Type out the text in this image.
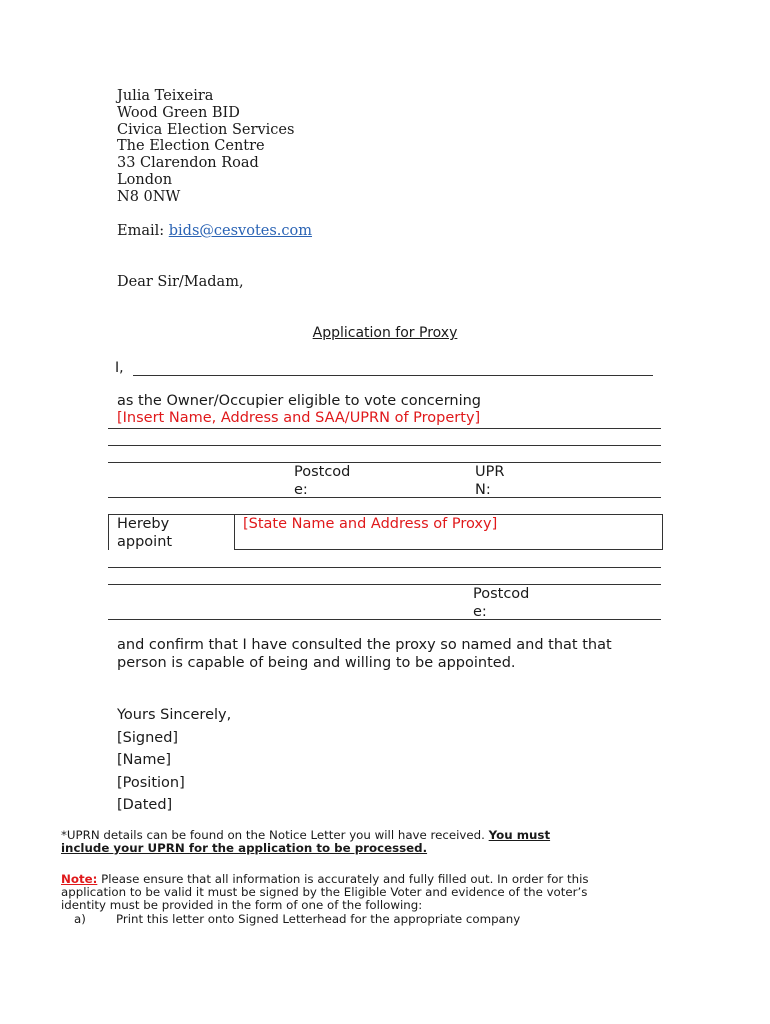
Julia Teixeira
Wood Green BID
Civica Election Services
The Election Centre
33 Clarendon Road
London
N8 0NW
Email: bids@cesvotes.com
Dear Sir/Madam,
Application for Proxy
I,
as the Owner/Occupier eligible to vote concerning
[Insert Name, Address and SAA/UPRN of Property]
Postcod
e:
UPR
N:
Hereby
appoint
[State Name and Address of Proxy]
Postcod
e:
and confirm that I have consulted the proxy so named and that that
person is capable of being and willing to be appointed.
Yours Sincerely,
[Signed]
[Name]
[Position]
[Dated]
*UPRN details can be found on the Notice Letter you will have received. You must
include your UPRN for the application to be processed.
Note: Please ensure that all information is accurately and fully filled out. In order for this
application to be valid it must be signed by the Eligible Voter and evidence of the voter’s
identity must be provided in the form of one of the following:
a)	Print this letter onto Signed Letterhead for the appropriate company
